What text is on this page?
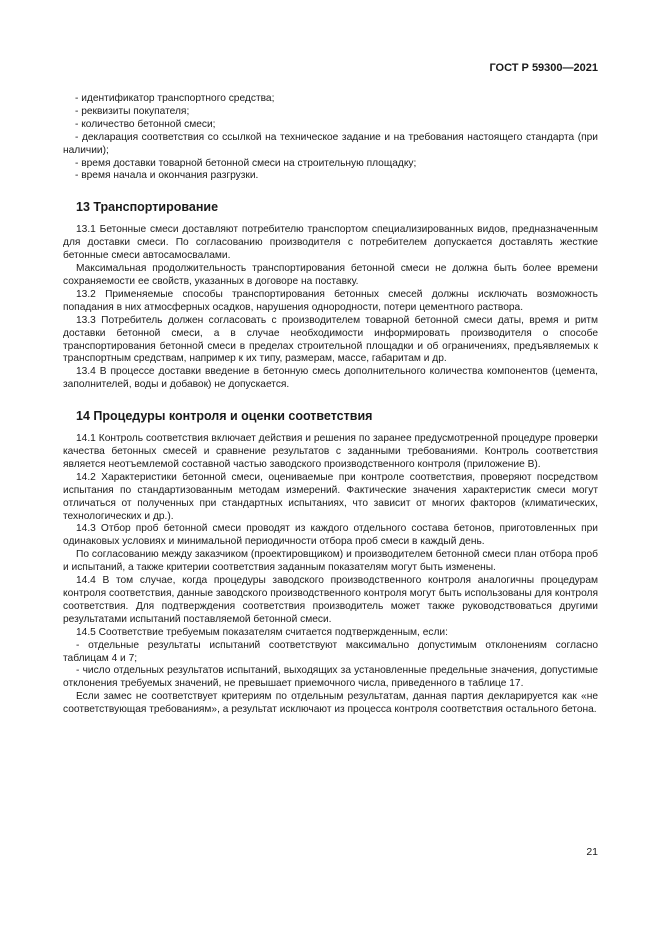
ГОСТ Р 59300—2021

- идентификатор транспортного средства;

- реквизиты покупателя;

- количество бетонной смеси;

- декларация соответствия со ссылкой на техническое задание и на требования настоящего стандарта (при наличии);

- время доставки товарной бетонной смеси на строительную площадку;

- время начала и окончания разгрузки.

13 Транспортирование

13.1 Бетонные смеси доставляют потребителю транспортом специализированных видов, предназначенным для доставки смеси. По согласованию производителя с потребителем допускается доставлять жесткие бетонные смеси автосамосвалами.

Максимальная продолжительность транспортирования бетонной смеси не должна быть более времени сохраняемости ее свойств, указанных в договоре на поставку.

13.2 Применяемые способы транспортирования бетонных смесей должны исключать возможность попадания в них атмосферных осадков, нарушения однородности, потери цементного раствора.

13.3 Потребитель должен согласовать с производителем товарной бетонной смеси даты, время и ритм доставки бетонной смеси, а в случае необходимости информировать производителя о способе транспортирования бетонной смеси в пределах строительной площадки и об ограничениях, предъявляемых к транспортным средствам, например к их типу, размерам, массе, габаритам и др.

13.4 В процессе доставки введение в бетонную смесь дополнительного количества компонентов (цемента, заполнителей, воды и добавок) не допускается.

14 Процедуры контроля и оценки соответствия

14.1 Контроль соответствия включает действия и решения по заранее предусмотренной процедуре проверки качества бетонных смесей и сравнение результатов с заданными требованиями. Контроль соответствия является неотъемлемой составной частью заводского производственного контроля (приложение В).

14.2 Характеристики бетонной смеси, оцениваемые при контроле соответствия, проверяют посредством испытания по стандартизованным методам измерений. Фактические значения характеристик смеси могут отличаться от полученных при стандартных испытаниях, что зависит от многих факторов (климатических, технологических и др.).

14.3 Отбор проб бетонной смеси проводят из каждого отдельного состава бетонов, приготовленных при одинаковых условиях и минимальной периодичности отбора проб смеси в каждый день.

По согласованию между заказчиком (проектировщиком) и производителем бетонной смеси план отбора проб и испытаний, а также критерии соответствия заданным показателям могут быть изменены.

14.4 В том случае, когда процедуры заводского производственного контроля аналогичны процедурам контроля соответствия, данные заводского производственного контроля могут быть использованы для контроля соответствия. Для подтверждения соответствия производитель может также руководствоваться другими результатами испытаний поставляемой бетонной смеси.

14.5 Соответствие требуемым показателям считается подтвержденным, если:

- отдельные результаты испытаний соответствуют максимально допустимым отклонениям согласно таблицам 4 и 7;

- число отдельных результатов испытаний, выходящих за установленные предельные значения, допустимые отклонения требуемых значений, не превышает приемочного числа, приведенного в таблице 17.

Если замес не соответствует критериям по отдельным результатам, данная партия декларируется как «не соответствующая требованиям», а результат исключают из процесса контроля соответствия остального бетона.

21
